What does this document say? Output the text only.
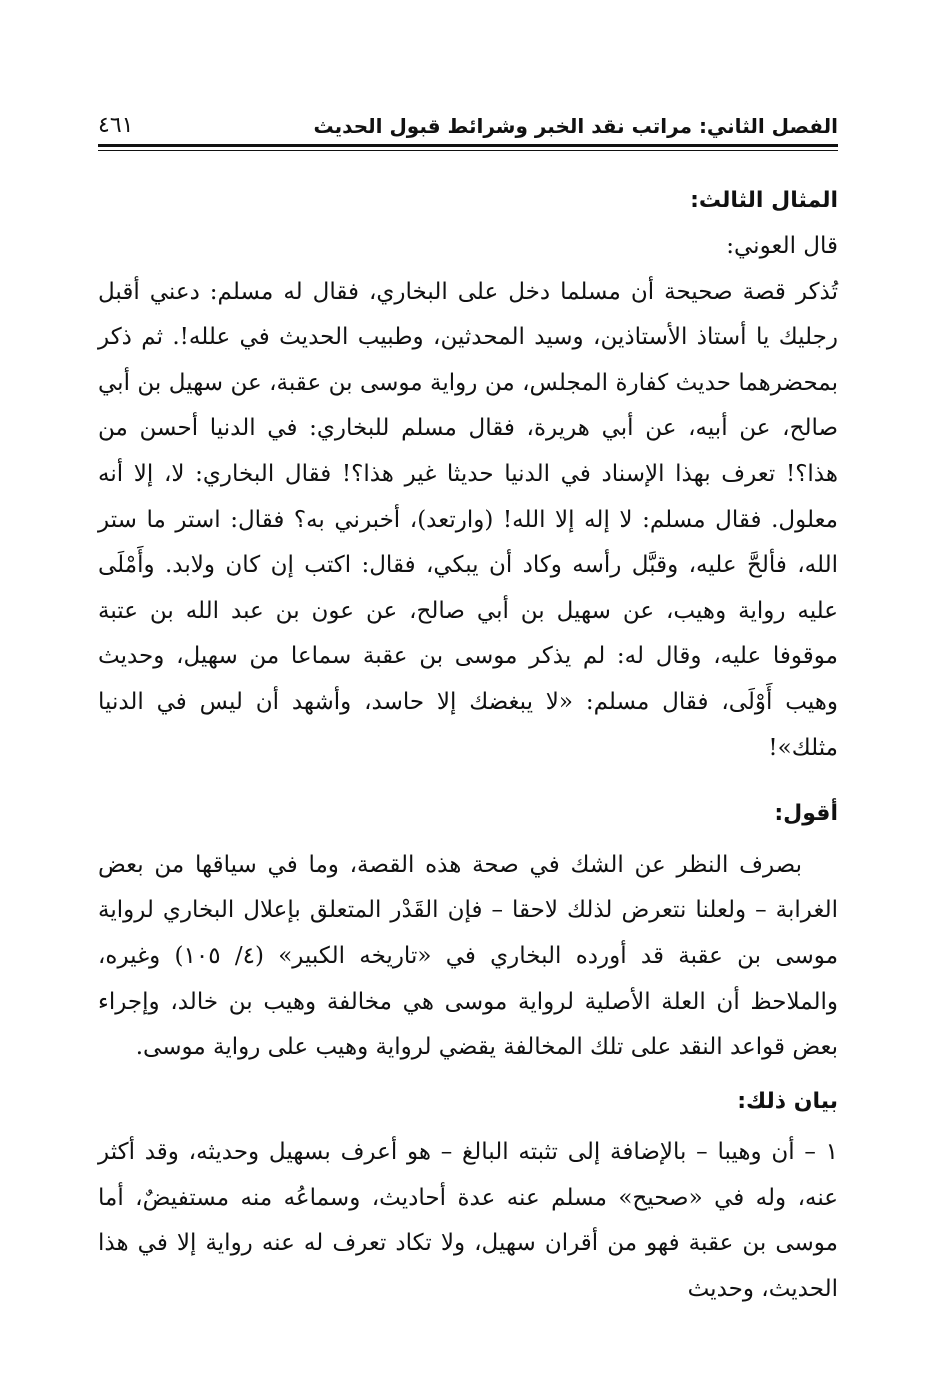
الفصل الثاني: مراتب نقد الخبر وشرائط قبول الحديث
٤٦١

المثال الثالث:

قال العوني:

تُذكر قصة صحيحة أن مسلما دخل على البخاري، فقال له مسلم: دعني أقبل رجليك يا أستاذ الأستاذين، وسيد المحدثين، وطبيب الحديث في علله!. ثم ذكر بمحضرهما حديث كفارة المجلس، من رواية موسى بن عقبة، عن سهيل بن أبي صالح، عن أبيه، عن أبي هريرة، فقال مسلم للبخاري: في الدنيا أحسن من هذا؟! تعرف بهذا الإسناد في الدنيا حديثا غير هذا؟! فقال البخاري: لا، إلا أنه معلول. فقال مسلم: لا إله إلا الله! (وارتعد)، أخبرني به؟ فقال: استر ما ستر الله، فألحَّ عليه، وقبَّل رأسه وكاد أن يبكي، فقال: اكتب إن كان ولابد. وأَمْلَى عليه رواية وهيب، عن سهيل بن أبي صالح، عن عون بن عبد الله بن عتبة موقوفا عليه، وقال له: لم يذكر موسى بن عقبة سماعا من سهيل، وحديث وهيب أَوْلَى، فقال مسلم: «لا يبغضك إلا حاسد، وأشهد أن ليس في الدنيا مثلك»!

أقول:

بصرف النظر عن الشك في صحة هذه القصة، وما في سياقها من بعض الغرابة – ولعلنا نتعرض لذلك لاحقا – فإن القَدْر المتعلق بإعلال البخاري لرواية موسى بن عقبة قد أورده البخاري في «تاريخه الكبير» (٤/ ١٠٥) وغيره، والملاحظ أن العلة الأصلية لرواية موسى هي مخالفة وهيب بن خالد، وإجراء بعض قواعد النقد على تلك المخالفة يقضي لرواية وهيب على رواية موسى.

بيان ذلك:

١ – أن وهيبا – بالإضافة إلى تثبته البالغ – هو أعرف بسهيل وحديثه، وقد أكثر عنه، وله في «صحيح» مسلم عنه عدة أحاديث، وسماعُه منه مستفيضٌ، أما موسى بن عقبة فهو من أقران سهيل، ولا تكاد تعرف له عنه رواية إلا في هذا الحديث، وحديث
